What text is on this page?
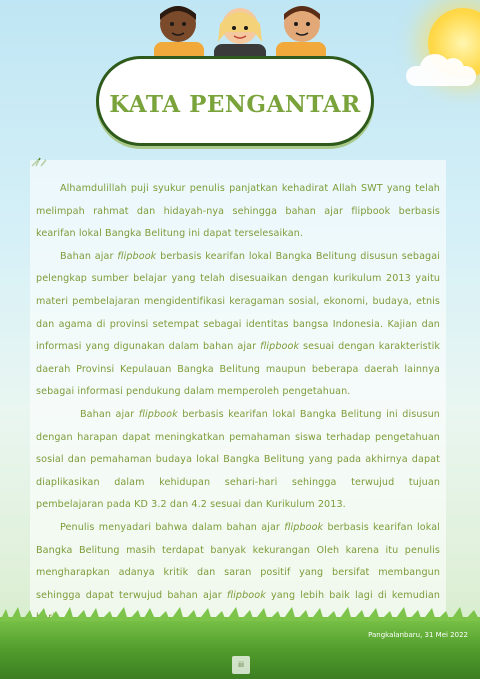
KATA PENGANTAR

Alhamdulillah puji syukur penulis panjatkan kehadirat Allah SWT yang telah melimpah rahmat dan hidayah-nya sehingga bahan ajar flipbook berbasis kearifan lokal Bangka Belitung ini dapat terselesaikan.

Bahan ajar flipbook berbasis kearifan lokal Bangka Belitung disusun sebagai pelengkap sumber belajar yang telah disesuaikan dengan kurikulum 2013 yaitu materi pembelajaran mengidentifikasi keragaman sosial, ekonomi, budaya, etnis dan agama di provinsi setempat sebagai identitas bangsa Indonesia. Kajian dan informasi yang digunakan dalam bahan ajar flipbook sesuai dengan karakteristik daerah Provinsi Kepulauan Bangka Belitung maupun beberapa daerah lainnya sebagai informasi pendukung dalam memperoleh pengetahuan.

Bahan ajar flipbook berbasis kearifan lokal Bangka Belitung ini disusun dengan harapan dapat meningkatkan pemahaman siswa terhadap pengetahuan sosial dan pemahaman budaya lokal Bangka Belitung yang pada akhirnya dapat diaplikasikan dalam kehidupan sehari-hari sehingga terwujud tujuan pembelajaran pada KD 3.2 dan 4.2 sesuai dan Kurikulum 2013.

Penulis menyadari bahwa dalam bahan ajar flipbook berbasis kearifan lokal Bangka Belitung masih terdapat banyak kekurangan Oleh karena itu penulis mengharapkan adanya kritik dan saran positif yang bersifat membangun sehingga dapat terwujud bahan ajar flipbook yang lebih baik lagi di kemudian

Pangkalanbaru, 31 Mei 2022
iii
